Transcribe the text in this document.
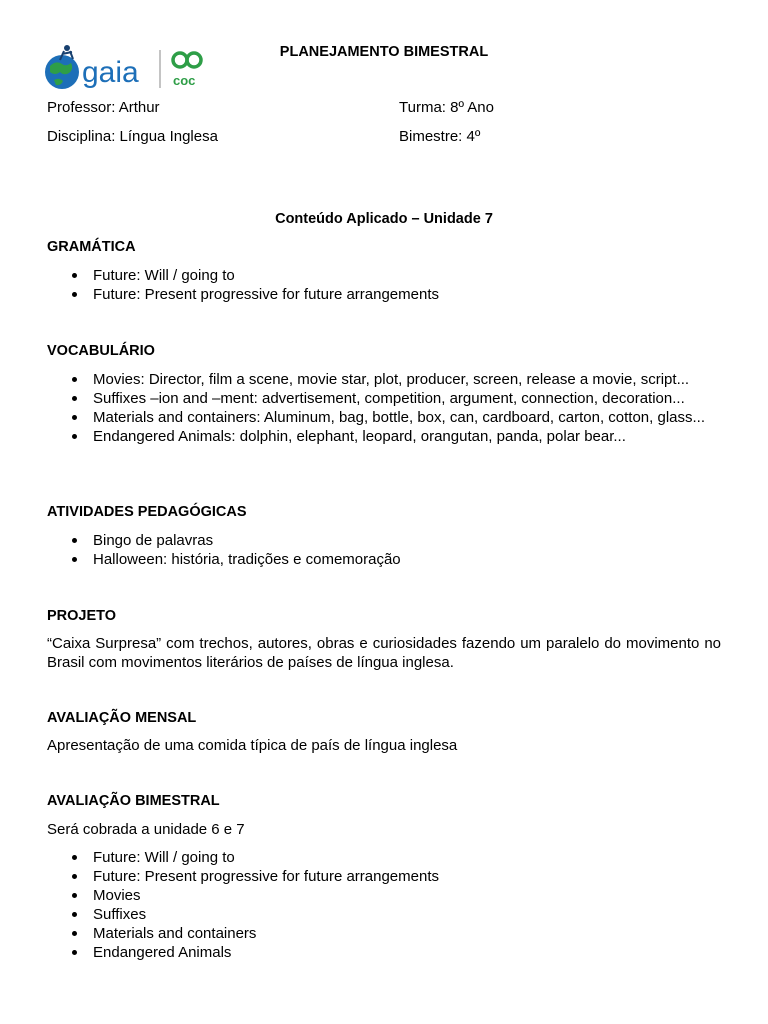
gaia	coc
PLANEJAMENTO BIMESTRAL
Professor: Arthur	Turma: 8º Ano
Disciplina: Língua Inglesa	Bimestre: 4º
Conteúdo Aplicado – Unidade 7
GRAMÁTICA
Future: Will / going to
Future: Present progressive for future arrangements
VOCABULÁRIO
Movies: Director, film a scene, movie star, plot, producer, screen, release a movie, script...
Suffixes –ion and –ment: advertisement, competition, argument, connection, decoration...
Materials and containers: Aluminum, bag, bottle, box, can, cardboard, carton, cotton, glass...
Endangered Animals: dolphin, elephant, leopard, orangutan, panda, polar bear...
ATIVIDADES PEDAGÓGICAS
Bingo de palavras
Halloween: história, tradições e comemoração
PROJETO
“Caixa Surpresa” com trechos, autores, obras e curiosidades fazendo um paralelo do movimento no Brasil com movimentos literários de países de língua inglesa.
AVALIAÇÃO MENSAL
Apresentação de uma comida típica de país de língua inglesa
AVALIAÇÃO BIMESTRAL
Será cobrada a unidade 6 e 7
Future: Will / going to
Future: Present progressive for future arrangements
Movies
Suffixes
Materials and containers
Endangered Animals
